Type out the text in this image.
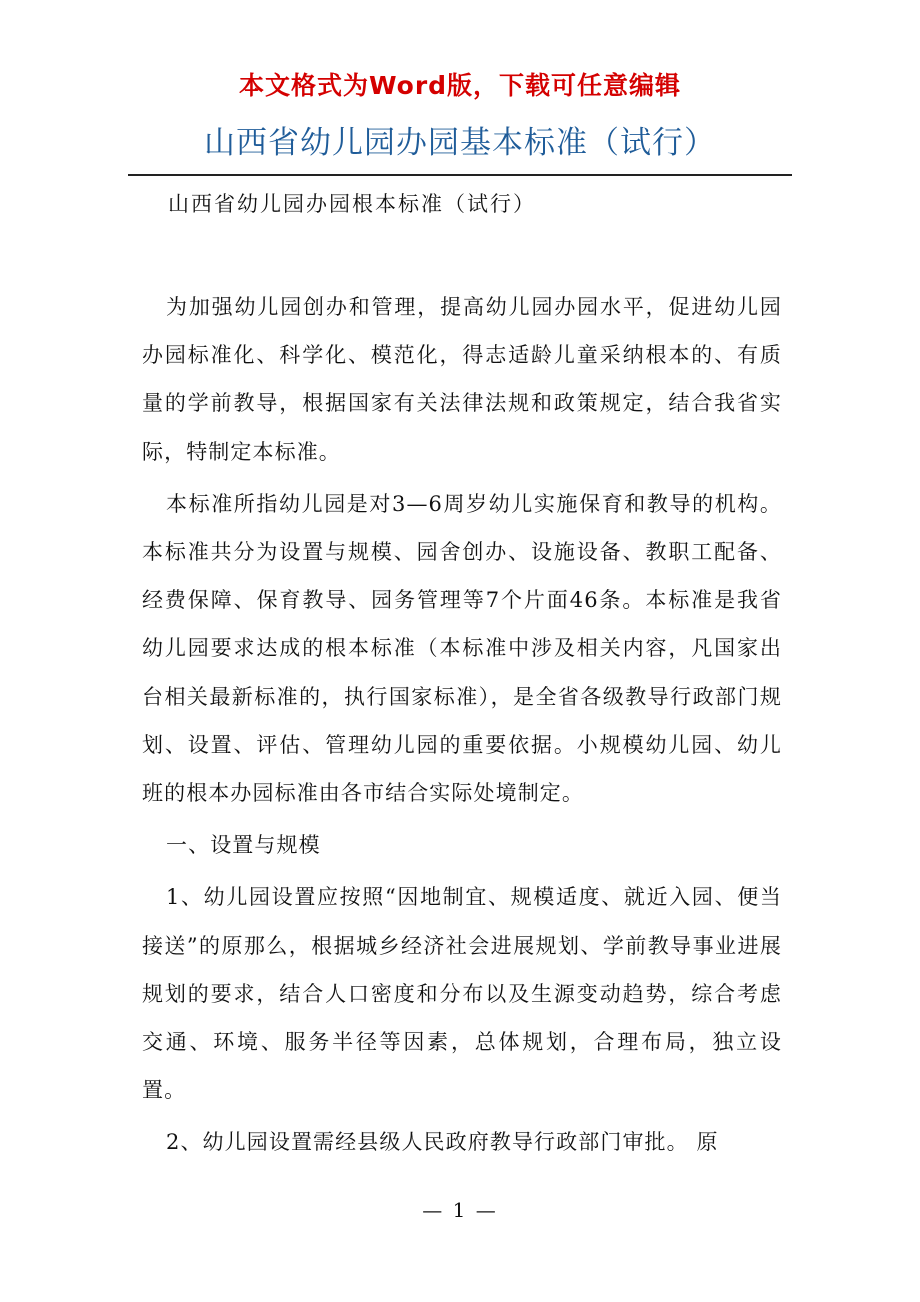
本文格式为Word版，下载可任意编辑
山西省幼儿园办园基本标准（试行）
山西省幼儿园办园根本标准（试行）

为加强幼儿园创办和管理，提高幼儿园办园水平，促进幼儿园办园标准化、科学化、模范化，得志适龄儿童采纳根本的、有质量的学前教导，根据国家有关法律法规和政策规定，结合我省实际，特制定本标准。

本标准所指幼儿园是对3—6周岁幼儿实施保育和教导的机构。本标准共分为设置与规模、园舍创办、设施设备、教职工配备、经费保障、保育教导、园务管理等7个片面46条。本标准是我省幼儿园要求达成的根本标准（本标准中涉及相关内容，凡国家出台相关最新标准的，执行国家标准），是全省各级教导行政部门规划、设置、评估、管理幼儿园的重要依据。小规模幼儿园、幼儿班的根本办园标准由各市结合实际处境制定。

一、设置与规模

1、幼儿园设置应按照“因地制宜、规模适度、就近入园、便当接送”的原那么，根据城乡经济社会进展规划、学前教导事业进展规划的要求，结合人口密度和分布以及生源变动趋势，综合考虑交通、环境、服务半径等因素，总体规划，合理布局，独立设置。

2、幼儿园设置需经县级人民政府教导行政部门审批。 原

— 1 —
